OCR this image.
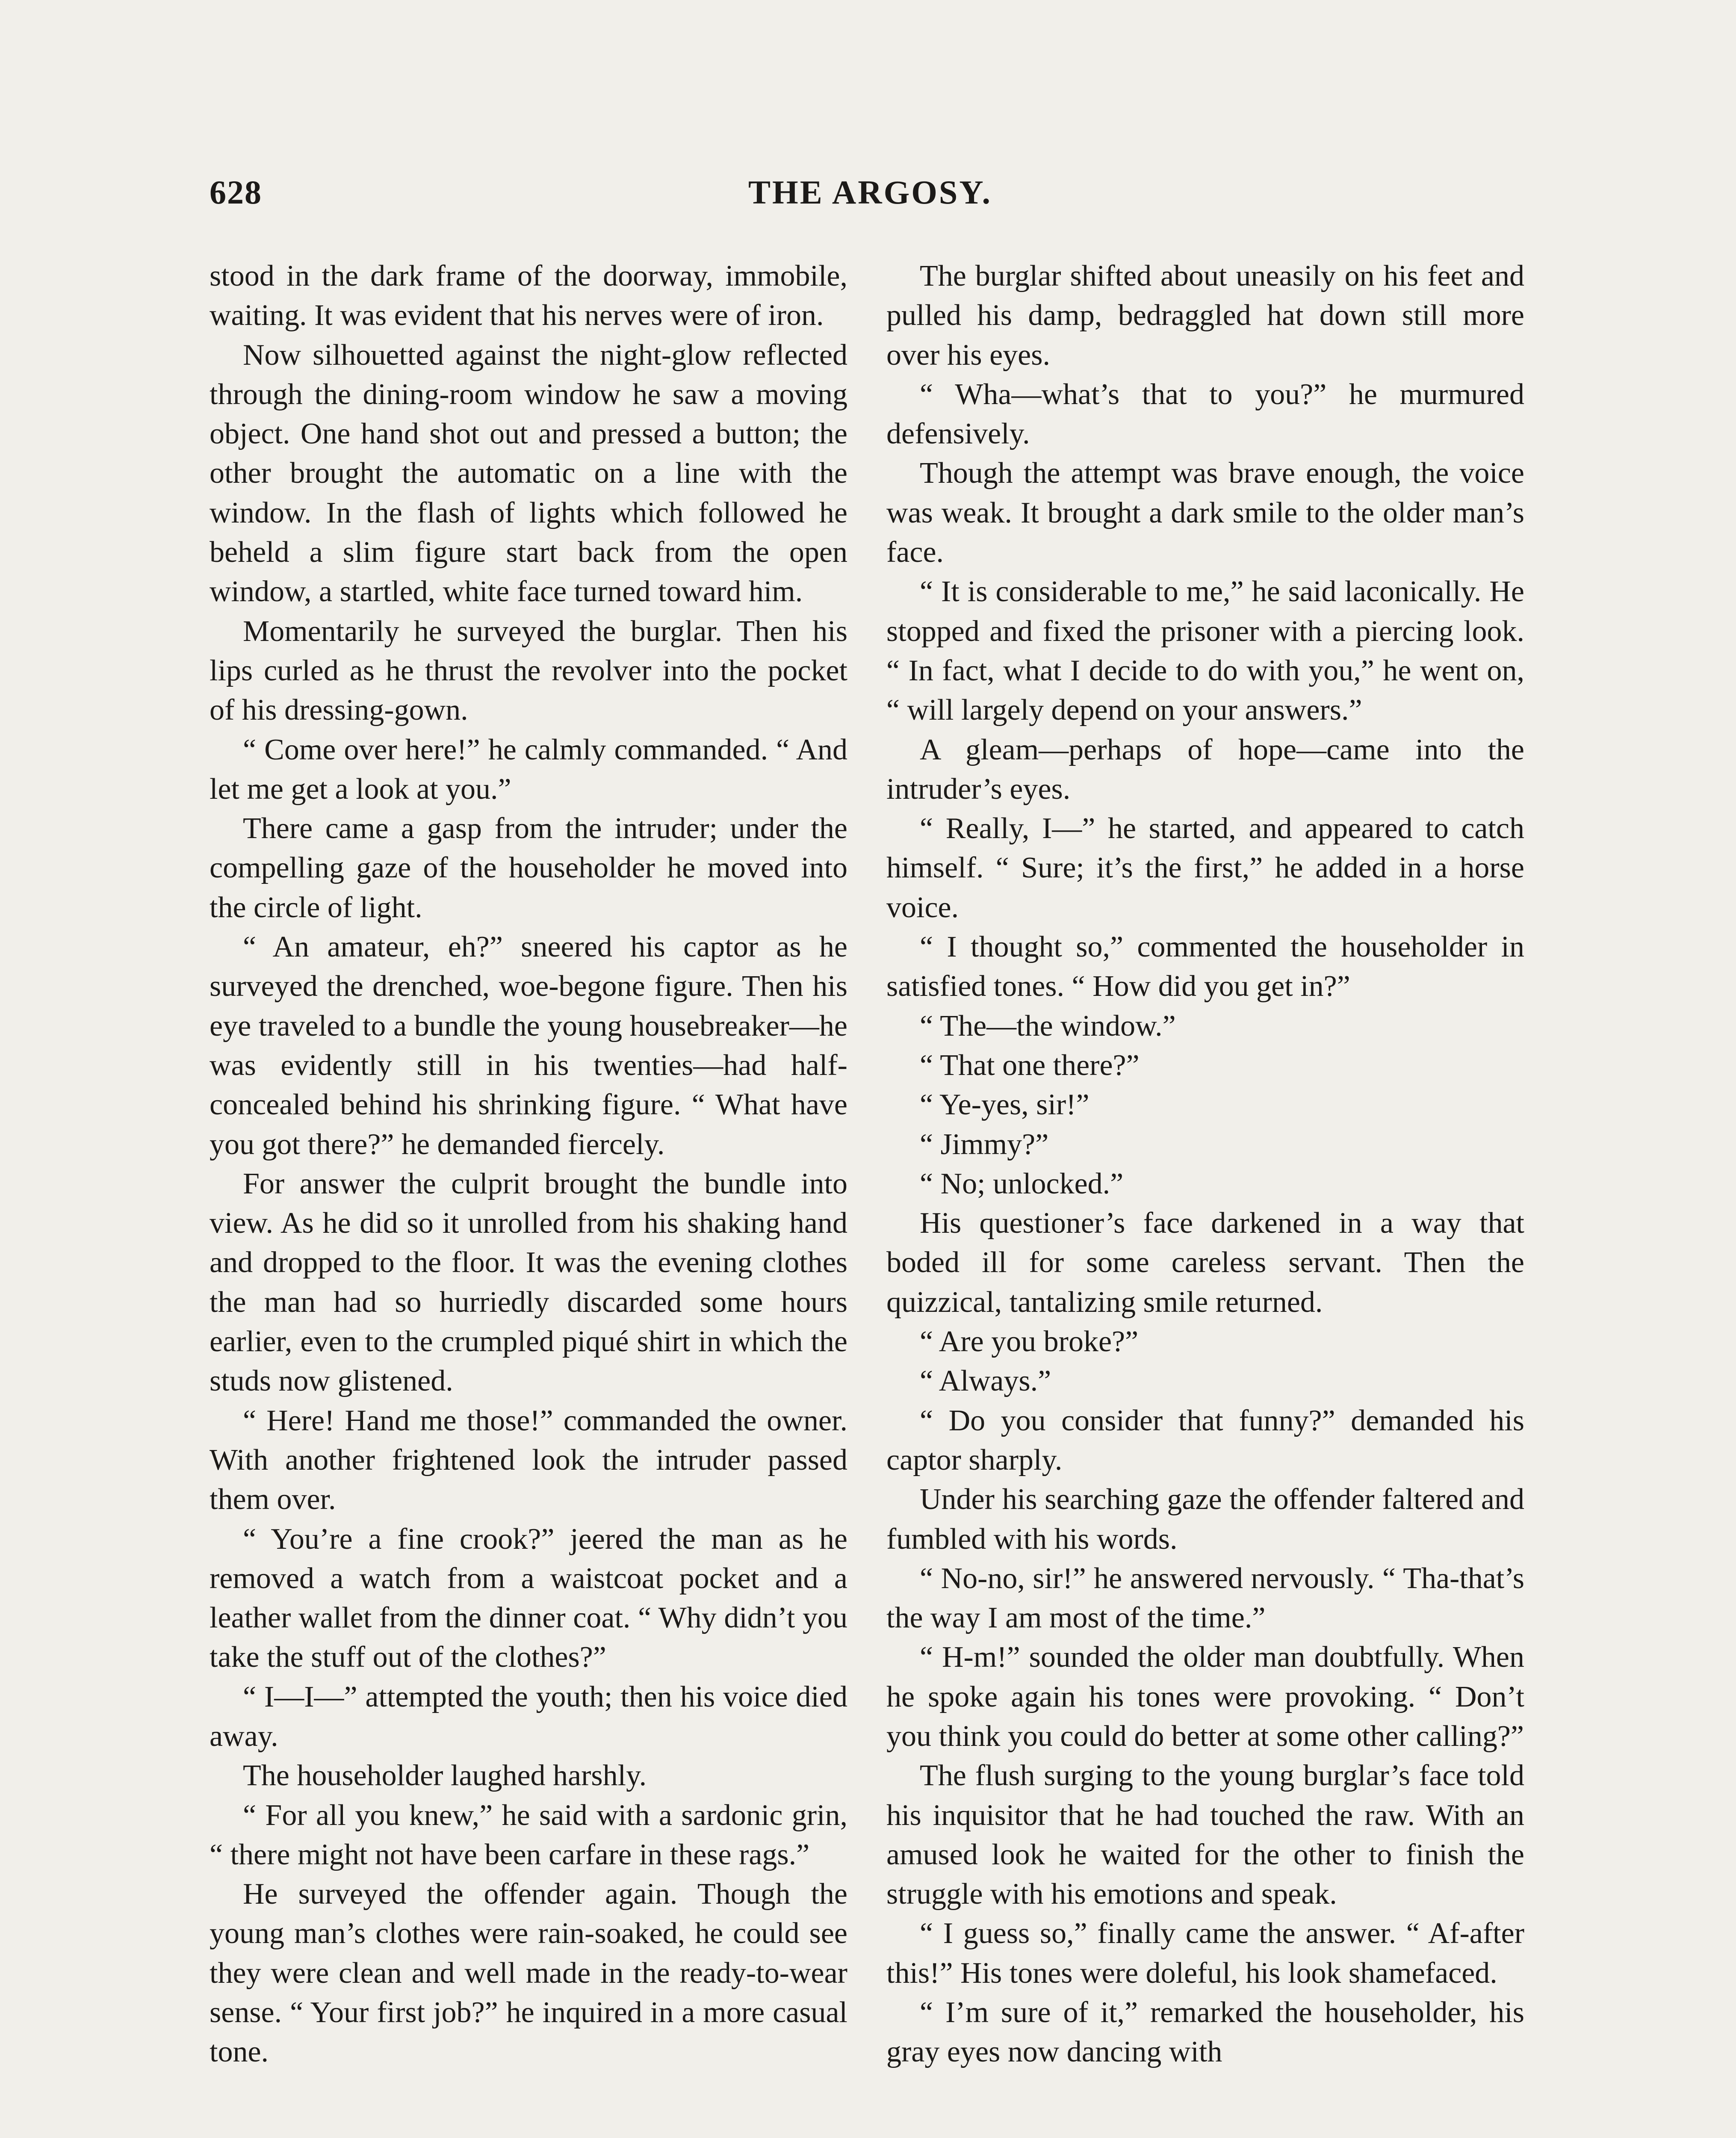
628	THE ARGOSY.

stood in the dark frame of the doorway, immobile, waiting. It was evident that his nerves were of iron.

Now silhouetted against the night-glow reflected through the dining-room window he saw a moving object. One hand shot out and pressed a button; the other brought the automatic on a line with the window. In the flash of lights which followed he beheld a slim figure start back from the open window, a startled, white face turned toward him.

Momentarily he surveyed the burglar. Then his lips curled as he thrust the revolver into the pocket of his dressing-gown.

“ Come over here!” he calmly commanded. “ And let me get a look at you.”

There came a gasp from the intruder; under the compelling gaze of the householder he moved into the circle of light.

“ An amateur, eh?” sneered his captor as he surveyed the drenched, woe-begone figure. Then his eye traveled to a bundle the young housebreaker—he was evidently still in his twenties—had half-concealed behind his shrinking figure. “ What have you got there?” he demanded fiercely.

For answer the culprit brought the bundle into view. As he did so it unrolled from his shaking hand and dropped to the floor. It was the evening clothes the man had so hurriedly discarded some hours earlier, even to the crumpled piqué shirt in which the studs now glistened.

“ Here! Hand me those!” commanded the owner. With another frightened look the intruder passed them over.

“ You’re a fine crook?” jeered the man as he removed a watch from a waistcoat pocket and a leather wallet from the dinner coat. “ Why didn’t you take the stuff out of the clothes?”

“ I—I—” attempted the youth; then his voice died away.

The householder laughed harshly.

“ For all you knew,” he said with a sardonic grin, “ there might not have been carfare in these rags.”

He surveyed the offender again. Though the young man’s clothes were rain-soaked, he could see they were clean and well made in the ready-to-wear sense. “ Your first job?” he inquired in a more casual tone.

The burglar shifted about uneasily on his feet and pulled his damp, bedraggled hat down still more over his eyes.

“ Wha—what’s that to you?” he murmured defensively.

Though the attempt was brave enough, the voice was weak. It brought a dark smile to the older man’s face.

“ It is considerable to me,” he said laconically. He stopped and fixed the prisoner with a piercing look. “ In fact, what I decide to do with you,” he went on, “ will largely depend on your answers.”

A gleam—perhaps of hope—came into the intruder’s eyes.

“ Really, I—” he started, and appeared to catch himself. “ Sure; it’s the first,” he added in a horse voice.

“ I thought so,” commented the householder in satisfied tones. “ How did you get in?”

“ The—the window.”

“ That one there?”

“ Ye-yes, sir!”

“ Jimmy?”

“ No; unlocked.”

His questioner’s face darkened in a way that boded ill for some careless servant. Then the quizzical, tantalizing smile returned.

“ Are you broke?”

“ Always.”

“ Do you consider that funny?” demanded his captor sharply.

Under his searching gaze the offender faltered and fumbled with his words.

“ No-no, sir!” he answered nervously. “ Tha-that’s the way I am most of the time.”

“ H-m!” sounded the older man doubtfully. When he spoke again his tones were provoking. “ Don’t you think you could do better at some other calling?”

The flush surging to the young burglar’s face told his inquisitor that he had touched the raw. With an amused look he waited for the other to finish the struggle with his emotions and speak.

“ I guess so,” finally came the answer. “ Af-after this!” His tones were doleful, his look shamefaced.

“ I’m sure of it,” remarked the householder, his gray eyes now dancing with
